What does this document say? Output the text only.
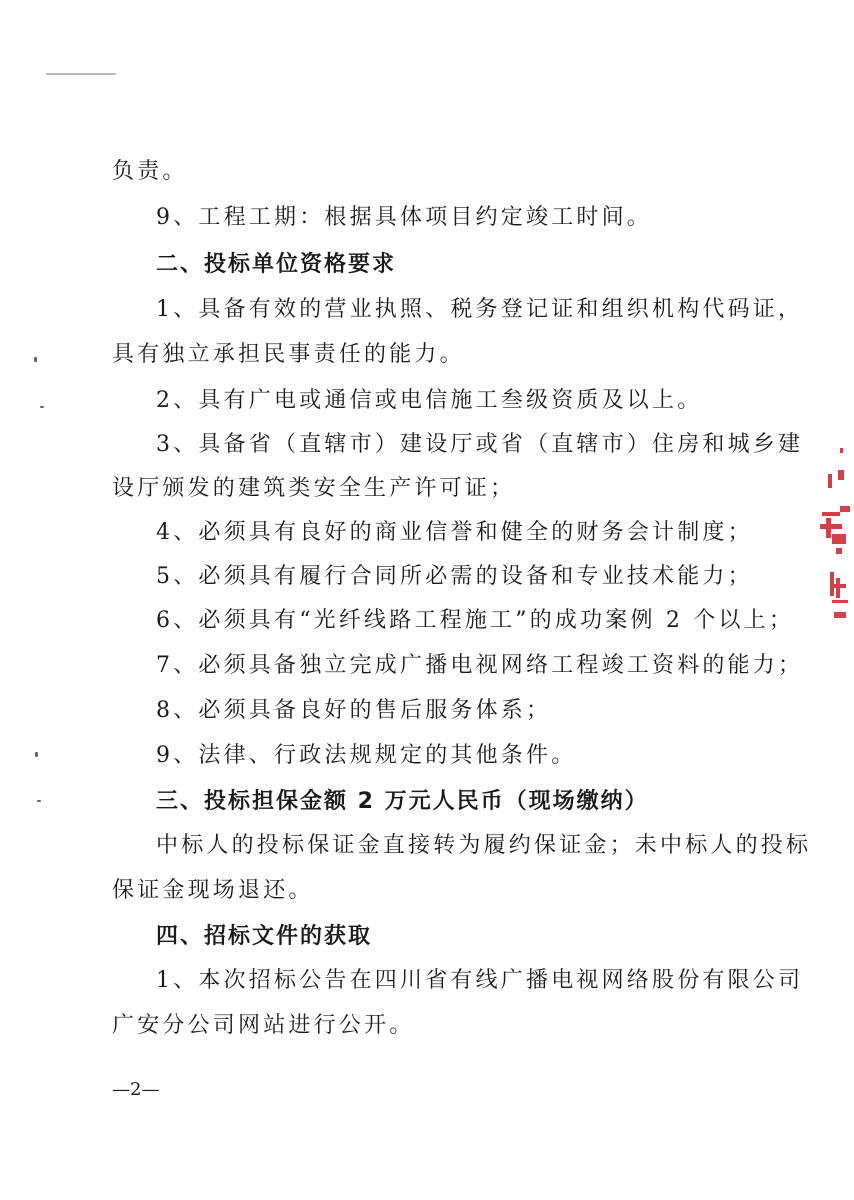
负责。
9、工程工期：根据具体项目约定竣工时间。
二、投标单位资格要求
1、具备有效的营业执照、税务登记证和组织机构代码证，
具有独立承担民事责任的能力。
2、具有广电或通信或电信施工叁级资质及以上。
3、具备省（直辖市）建设厅或省（直辖市）住房和城乡建
设厅颁发的建筑类安全生产许可证；
4、必须具有良好的商业信誉和健全的财务会计制度；
5、必须具有履行合同所必需的设备和专业技术能力；
6、必须具有“光纤线路工程施工”的成功案例 2 个以上；
7、必须具备独立完成广播电视网络工程竣工资料的能力；
8、必须具备良好的售后服务体系；
9、法律、行政法规规定的其他条件。
三、投标担保金额 2 万元人民币（现场缴纳）
中标人的投标保证金直接转为履约保证金；未中标人的投标
保证金现场退还。
四、招标文件的获取
1、本次招标公告在四川省有线广播电视网络股份有限公司
广安分公司网站进行公开。
—2—
